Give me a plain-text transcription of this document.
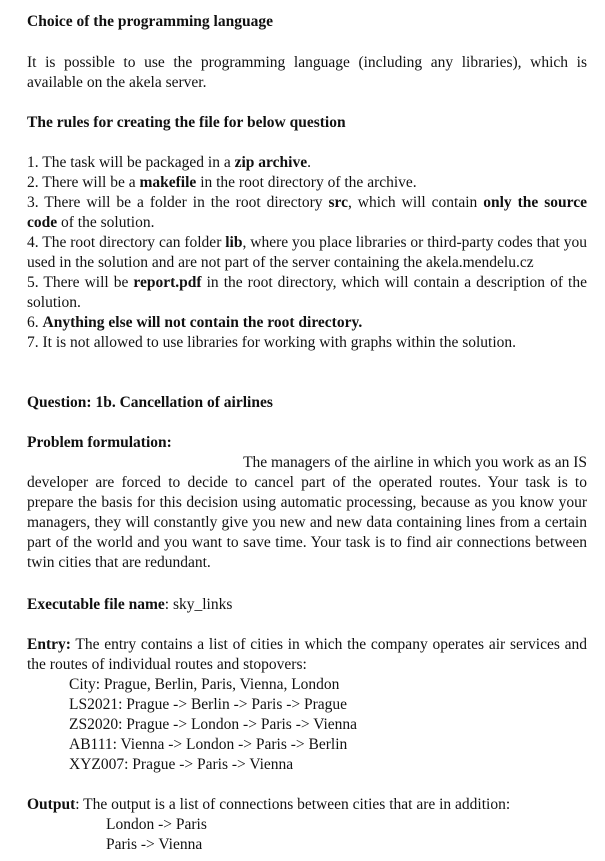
Choice of the programming language

It is possible to use the programming language (including any libraries), which is available on the akela server.

The rules for creating the file for below question

1. The task will be packaged in a zip archive.
2. There will be a makefile in the root directory of the archive.
3. There will be a folder in the root directory src, which will contain only the source code of the solution.
4. The root directory can folder lib, where you place libraries or third-party codes that you used in the solution and are not part of the server containing the akela.mendelu.cz
5. There will be report.pdf in the root directory, which will contain a description of the solution.
6. Anything else will not contain the root directory.
7. It is not allowed to use libraries for working with graphs within the solution.

Question: 1b. Cancellation of airlines

Problem formulation:

The managers of the airline in which you work as an IS

developer are forced to decide to cancel part of the operated routes. Your task is to prepare the basis for this decision using automatic processing, because as you know your managers, they will constantly give you new and new data containing lines from a certain part of the world and you want to save time. Your task is to find air connections between twin cities that are redundant.

Executable file name: sky_links

Entry: The entry contains a list of cities in which the company operates air services and the routes of individual routes and stopovers:

City: Prague, Berlin, Paris, Vienna, London

LS2021: Prague -> Berlin -> Paris -> Prague

ZS2020: Prague -> London -> Paris -> Vienna

AB111: Vienna -> London -> Paris -> Berlin

XYZ007: Prague -> Paris -> Vienna

Output: The output is a list of connections between cities that are in addition:

London -> Paris

Paris -> Vienna
